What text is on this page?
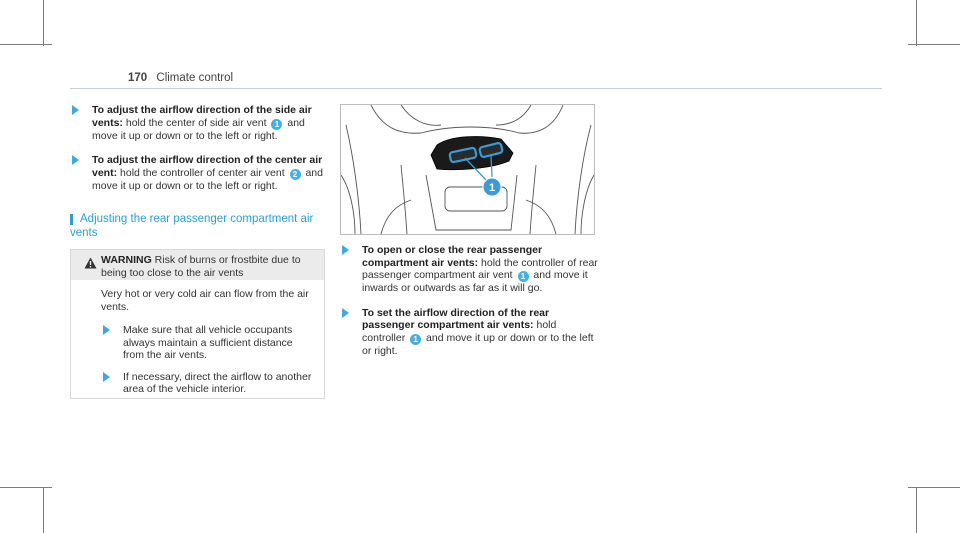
170 Climate control
To adjust the airflow direction of the side air vents: hold the center of side air vent 1 and move it up or down or to the left or right.
To adjust the airflow direction of the center air vent: hold the controller of center air vent 2 and move it up or down or to the left or right.
Adjusting the rear passenger compartment air
vents
WARNING Risk of burns or frostbite due to
being too close to the air vents

Very hot or very cold air can flow from the air vents.

Make sure that all vehicle occupants always maintain a sufficient distance from the air vents.
If necessary, direct the airflow to another area of the vehicle interior.
1
To open or close the rear passenger compartment air vents: hold the controller of rear passenger compartment air vent 1 and move it inwards or outwards as far as it will go.
To set the airflow direction of the rear passenger compartment air vents: hold controller 1 and move it up or down or to the left or right.
